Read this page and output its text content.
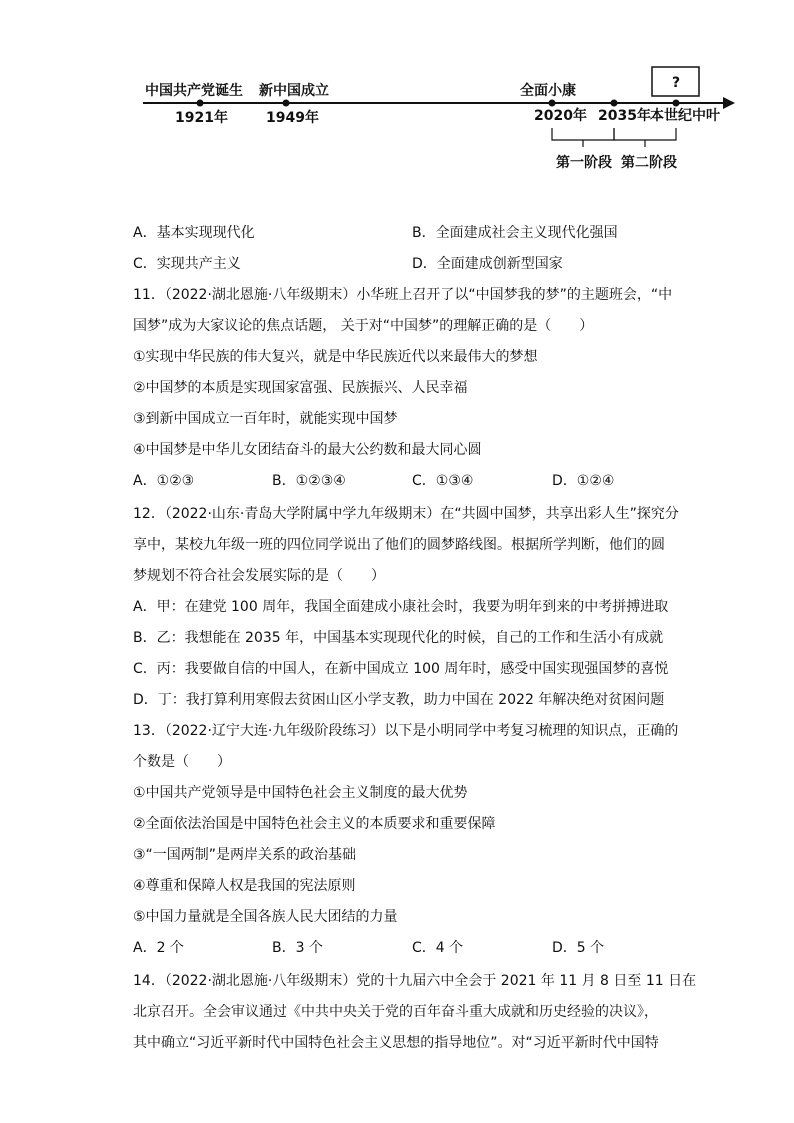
?
中国共产党诞生 新中国成立	全面小康
1921年	1949年	2020年 2035年 本世纪中叶
第一阶段 第二阶段
A．基本实现现代化	B．全面建成社会主义现代化强国
C．实现共产主义	D．全面建成创新型国家
11．（2022·湖北恩施·八年级期末）小华班上召开了以“中国梦我的梦”的主题班会，“中
国梦”成为大家议论的焦点话题， 关于对“中国梦”的理解正确的是（　　）
①实现中华民族的伟大复兴，就是中华民族近代以来最伟大的梦想
②中国梦的本质是实现国家富强、民族振兴、人民幸福
③到新中国成立一百年时，就能实现中国梦
④中国梦是中华儿女团结奋斗的最大公约数和最大同心圆
A．①②③	B．①②③④	C．①③④	D．①②④
12．（2022·山东·青岛大学附属中学九年级期末）在“共圆中国梦，共享出彩人生”探究分
享中，某校九年级一班的四位同学说出了他们的圆梦路线图。根据所学判断，他们的圆
梦规划不符合社会发展实际的是（　　）
A．甲：在建党 100 周年，我国全面建成小康社会时，我要为明年到来的中考拼搏进取
B．乙：我想能在 2035 年，中国基本实现现代化的时候，自己的工作和生活小有成就
C．丙：我要做自信的中国人，在新中国成立 100 周年时，感受中国实现强国梦的喜悦
D．丁：我打算利用寒假去贫困山区小学支教，助力中国在 2022 年解决绝对贫困问题
13．（2022·辽宁大连·九年级阶段练习）以下是小明同学中考复习梳理的知识点，正确的
个数是（　　）
①中国共产党领导是中国特色社会主义制度的最大优势
②全面依法治国是中国特色社会主义的本质要求和重要保障
③“一国两制”是两岸关系的政治基础
④尊重和保障人权是我国的宪法原则
⑤中国力量就是全国各族人民大团结的力量
A．2 个	B．3 个	C．4 个	D．5 个
14．（2022·湖北恩施·八年级期末）党的十九届六中全会于 2021 年 11 月 8 日至 11 日在
北京召开。全会审议通过《中共中央关于党的百年奋斗重大成就和历史经验的决议》，
其中确立“习近平新时代中国特色社会主义思想的指导地位”。对“习近平新时代中国特
